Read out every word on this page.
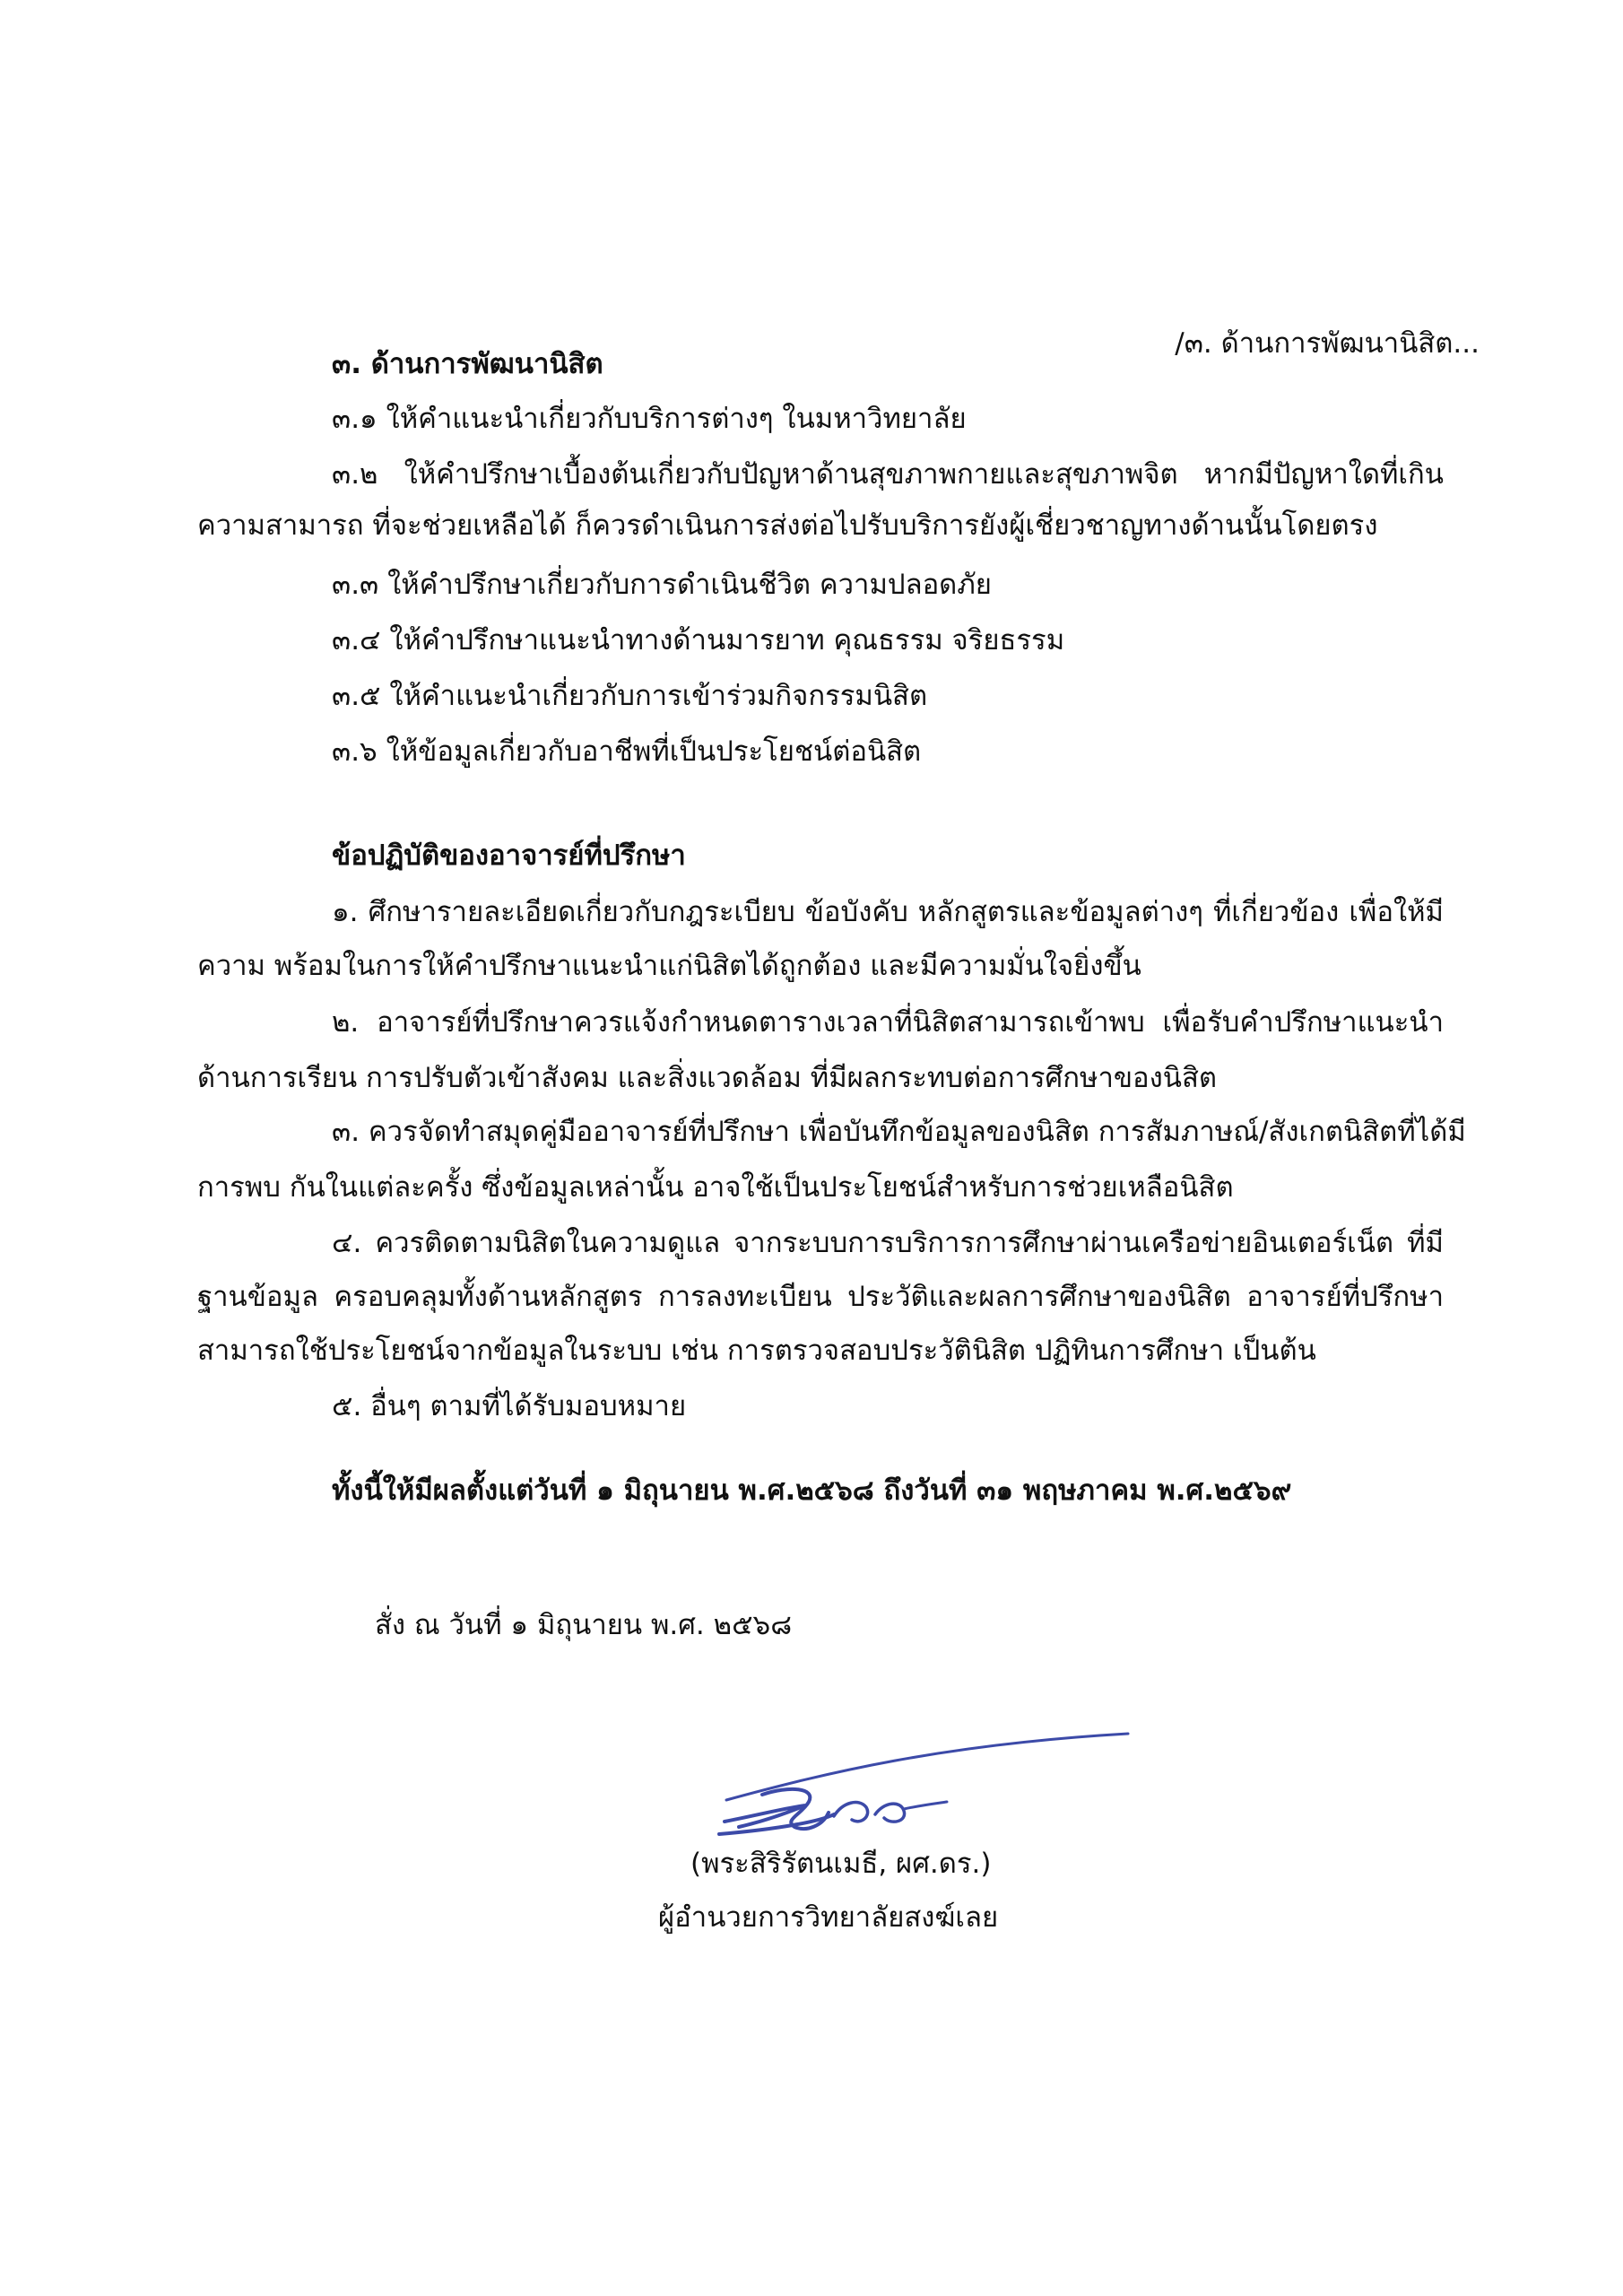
/๓. ด้านการพัฒนานิสิต...

๓. ด้านการพัฒนานิสิต

๓.๑ ให้คำแนะนำเกี่ยวกับบริการต่างๆ ในมหาวิทยาลัย

๓.๒ ให้คำปรึกษาเบื้องต้นเกี่ยวกับปัญหาด้านสุขภาพกายและสุขภาพจิต หากมีปัญหาใดที่เกิน

ความสามารถ ที่จะช่วยเหลือได้ ก็ควรดำเนินการส่งต่อไปรับบริการยังผู้เชี่ยวชาญทางด้านนั้นโดยตรง

๓.๓ ให้คำปรึกษาเกี่ยวกับการดำเนินชีวิต ความปลอดภัย

๓.๔ ให้คำปรึกษาแนะนำทางด้านมารยาท คุณธรรม จริยธรรม

๓.๕ ให้คำแนะนำเกี่ยวกับการเข้าร่วมกิจกรรมนิสิต

๓.๖ ให้ข้อมูลเกี่ยวกับอาชีพที่เป็นประโยชน์ต่อนิสิต

ข้อปฏิบัติของอาจารย์ที่ปรึกษา

๑. ศึกษารายละเอียดเกี่ยวกับกฎระเบียบ ข้อบังคับ หลักสูตรและข้อมูลต่างๆ ที่เกี่ยวข้อง เพื่อให้มี

ความ พร้อมในการให้คำปรึกษาแนะนำแก่นิสิตได้ถูกต้อง และมีความมั่นใจยิ่งขึ้น

๒. อาจารย์ที่ปรึกษาควรแจ้งกำหนดตารางเวลาที่นิสิตสามารถเข้าพบ เพื่อรับคำปรึกษาแนะนำ

ด้านการเรียน การปรับตัวเข้าสังคม และสิ่งแวดล้อม ที่มีผลกระทบต่อการศึกษาของนิสิต

๓. ควรจัดทำสมุดคู่มืออาจารย์ที่ปรึกษา เพื่อบันทึกข้อมูลของนิสิต การสัมภาษณ์/สังเกตนิสิตที่ได้มี

การพบ กันในแต่ละครั้ง ซึ่งข้อมูลเหล่านั้น อาจใช้เป็นประโยชน์สำหรับการช่วยเหลือนิสิต

๔. ควรติดตามนิสิตในความดูแล จากระบบการบริการการศึกษาผ่านเครือข่ายอินเตอร์เน็ต ที่มี

ฐานข้อมูล ครอบคลุมทั้งด้านหลักสูตร การลงทะเบียน ประวัติและผลการศึกษาของนิสิต อาจารย์ที่ปรึกษา

สามารถใช้ประโยชน์จากข้อมูลในระบบ เช่น การตรวจสอบประวัตินิสิต ปฏิทินการศึกษา เป็นต้น

๕. อื่นๆ ตามที่ได้รับมอบหมาย

ทั้งนี้ให้มีผลตั้งแต่วันที่ ๑ มิถุนายน พ.ศ.๒๕๖๘ ถึงวันที่ ๓๑ พฤษภาคม พ.ศ.๒๕๖๙

สั่ง ณ วันที่ ๑ มิถุนายน พ.ศ. ๒๕๖๘

(พระสิริรัตนเมธี, ผศ.ดร.)

ผู้อำนวยการวิทยาลัยสงฆ์เลย
